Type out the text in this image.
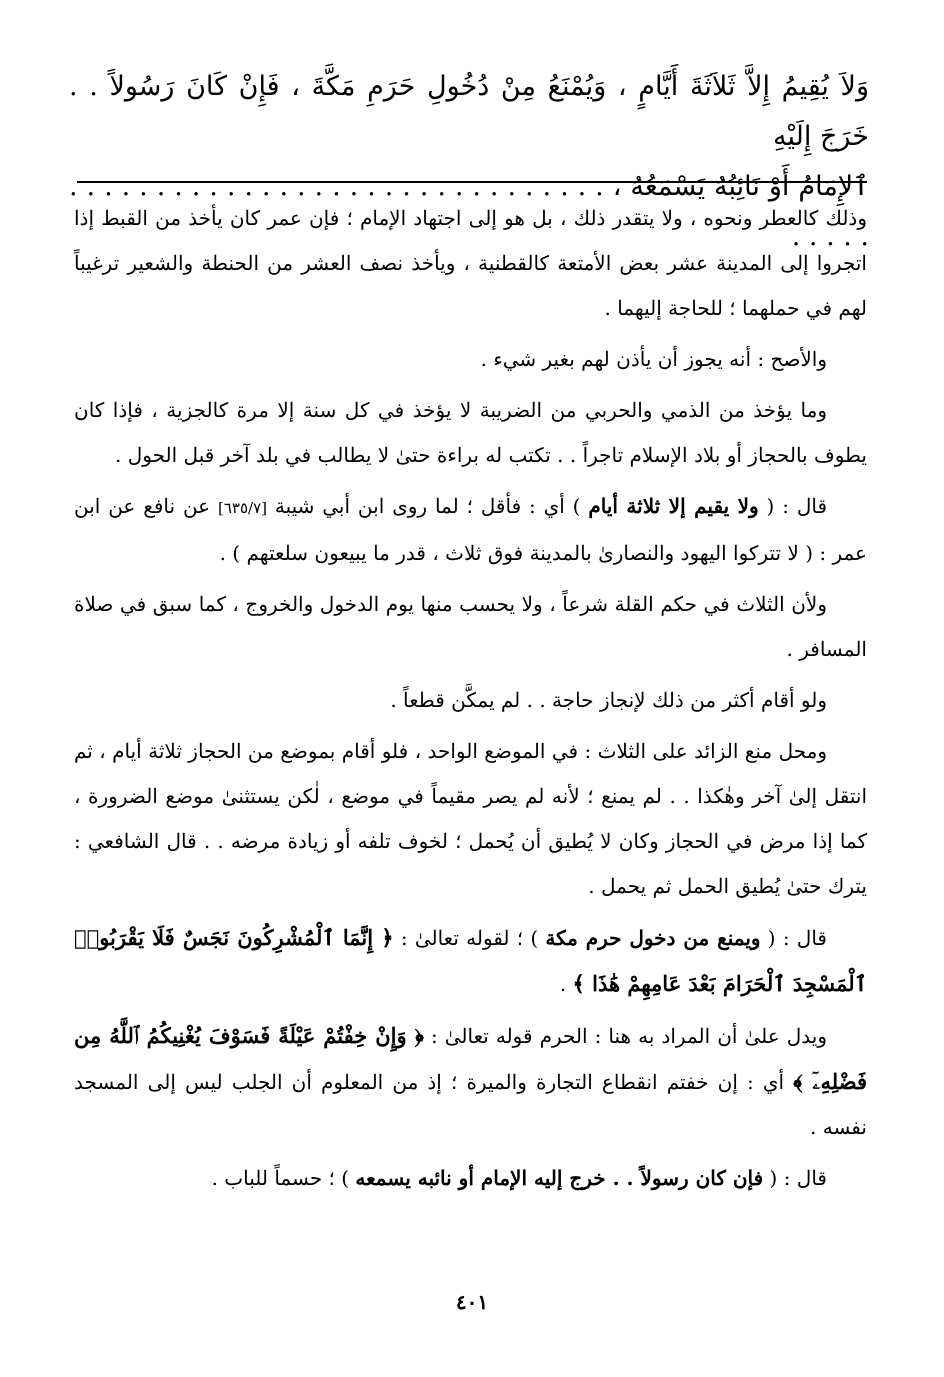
وَلاَ يُقِيمُ إِلاَّ ثَلاَثَةَ أَيَّامٍ ، وَيُمْنَعُ مِنْ دُخُولِ حَرَمِ مَكَّةَ ، فَإِنْ كَانَ رَسُولاً . . خَرَجَ إِلَيْهِ

ٱلإِمَامُ أَوْ نَائِبُهُ يَسْمَعُهُ ، . . . . . . . . . . . . . . . . . . . . . . . . . . . . . . . . . . . .

وذلك كالعطر ونحوه ، ولا يتقدر ذلك ، بل هو إلى اجتهاد الإمام ؛ فإن عمر كان يأخذ من القبط إذا اتجروا إلى المدينة عشر بعض الأمتعة كالقطنية ، ويأخذ نصف العشر من الحنطة والشعير ترغيباً لهم في حملهما ؛ للحاجة إليهما .

والأصح : أنه يجوز أن يأذن لهم بغير شيء .

وما يؤخذ من الذمي والحربي من الضريبة لا يؤخذ في كل سنة إلا مرة كالجزية ، فإذا كان يطوف بالحجاز أو بلاد الإسلام تاجراً . . تكتب له براءة حتىٰ لا يطالب في بلد آخر قبل الحول .

قال : ( ولا يقيم إلا ثلاثة أيام ) أي : فأقل ؛ لما روى ابن أبي شيبة [٦٣٥/٧] عن نافع عن ابن عمر : ( لا تتركوا اليهود والنصارىٰ بالمدينة فوق ثلاث ، قدر ما يبيعون سلعتهم ) .

ولأن الثلاث في حكم القلة شرعاً ، ولا يحسب منها يوم الدخول والخروج ، كما سبق في صلاة المسافر .

ولو أقام أكثر من ذلك لإنجاز حاجة . . لم يمكَّن قطعاً .

ومحل منع الزائد على الثلاث : في الموضع الواحد ، فلو أقام بموضع من الحجاز ثلاثة أيام ، ثم انتقل إلىٰ آخر وهٰكذا . . لم يمنع ؛ لأنه لم يصر مقيماً في موضع ، لٰكن يستثنىٰ موضع الضرورة ، كما إذا مرض في الحجاز وكان لا يُطيق أن يُحمل ؛ لخوف تلفه أو زيادة مرضه . . قال الشافعي : يترك حتىٰ يُطيق الحمل ثم يحمل .

قال : ( ويمنع من دخول حرم مكة ) ؛ لقوله تعالىٰ : ﴿ إِنَّمَا ٱلْمُشْرِكُونَ نَجَسٌ فَلَا يَقْرَبُوا۟ ٱلْمَسْجِدَ ٱلْحَرَامَ بَعْدَ عَامِهِمْ هَٰذَا ﴾ .

ويدل علىٰ أن المراد به هنا : الحرم قوله تعالىٰ : ﴿ وَإِنْ خِفْتُمْ عَيْلَةً فَسَوْفَ يُغْنِيكُمُ ٱللَّهُ مِن فَضْلِهِۦٓ ﴾ أي : إن خفتم انقطاع التجارة والميرة ؛ إذ من المعلوم أن الجلب ليس إلى المسجد نفسه .

قال : ( فإن كان رسولاً . . خرج إليه الإمام أو نائبه يسمعه ) ؛ حسماً للباب .

٤٠١
